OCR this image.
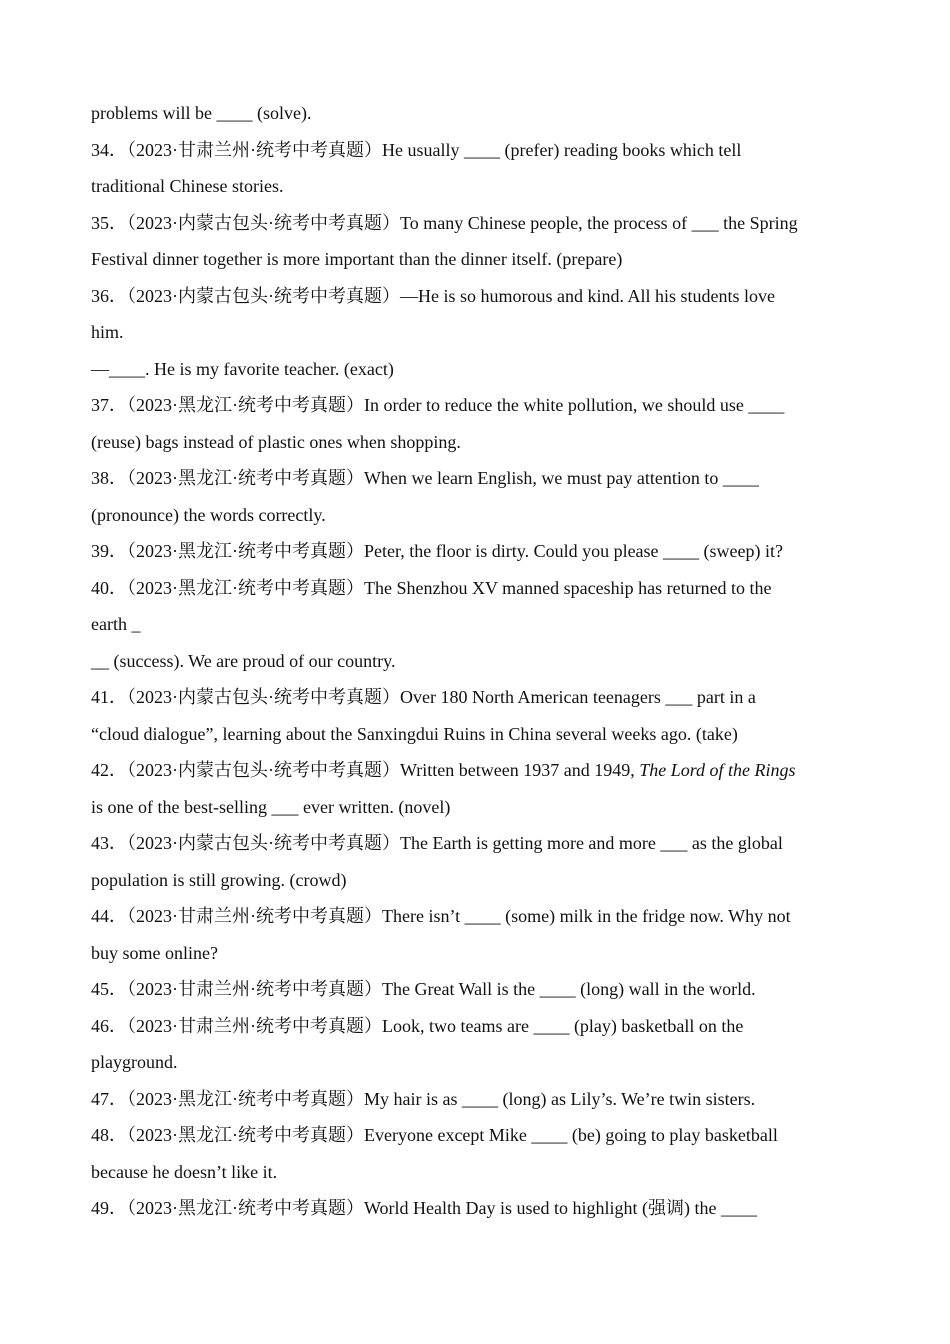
problems will be ____ (solve).
34．（2023·甘肃兰州·统考中考真题）He usually ____ (prefer) reading books which tell
traditional Chinese stories.
35．（2023·内蒙古包头·统考中考真题）To many Chinese people, the process of ___ the Spring
Festival dinner together is more important than the dinner itself. (prepare)
36．（2023·内蒙古包头·统考中考真题）—He is so humorous and kind. All his students love
him.
—____. He is my favorite teacher. (exact)
37．（2023·黑龙江·统考中考真题）In order to reduce the white pollution, we should use ____
(reuse) bags instead of plastic ones when shopping.
38．（2023·黑龙江·统考中考真题）When we learn English, we must pay attention to ____
(pronounce) the words correctly.
39．（2023·黑龙江·统考中考真题）Peter, the floor is dirty. Could you please ____ (sweep) it?
40．（2023·黑龙江·统考中考真题）The Shenzhou XV manned spaceship has returned to the
earth _
__ (success). We are proud of our country.
41．（2023·内蒙古包头·统考中考真题）Over 180 North American teenagers ___ part in a
“cloud dialogue”, learning about the Sanxingdui Ruins in China several weeks ago. (take)
42．（2023·内蒙古包头·统考中考真题）Written between 1937 and 1949, The Lord of the Rings
is one of the best-selling ___ ever written. (novel)
43．（2023·内蒙古包头·统考中考真题）The Earth is getting more and more ___ as the global
population is still growing. (crowd)
44．（2023·甘肃兰州·统考中考真题）There isn’t ____ (some) milk in the fridge now. Why not
buy some online?
45．（2023·甘肃兰州·统考中考真题）The Great Wall is the ____ (long) wall in the world.
46．（2023·甘肃兰州·统考中考真题）Look, two teams are ____ (play) basketball on the
playground.
47．（2023·黑龙江·统考中考真题）My hair is as ____ (long) as Lily’s. We’re twin sisters.
48．（2023·黑龙江·统考中考真题）Everyone except Mike ____ (be) going to play basketball
because he doesn’t like it.
49．（2023·黑龙江·统考中考真题）World Health Day is used to highlight (强调) the ____
